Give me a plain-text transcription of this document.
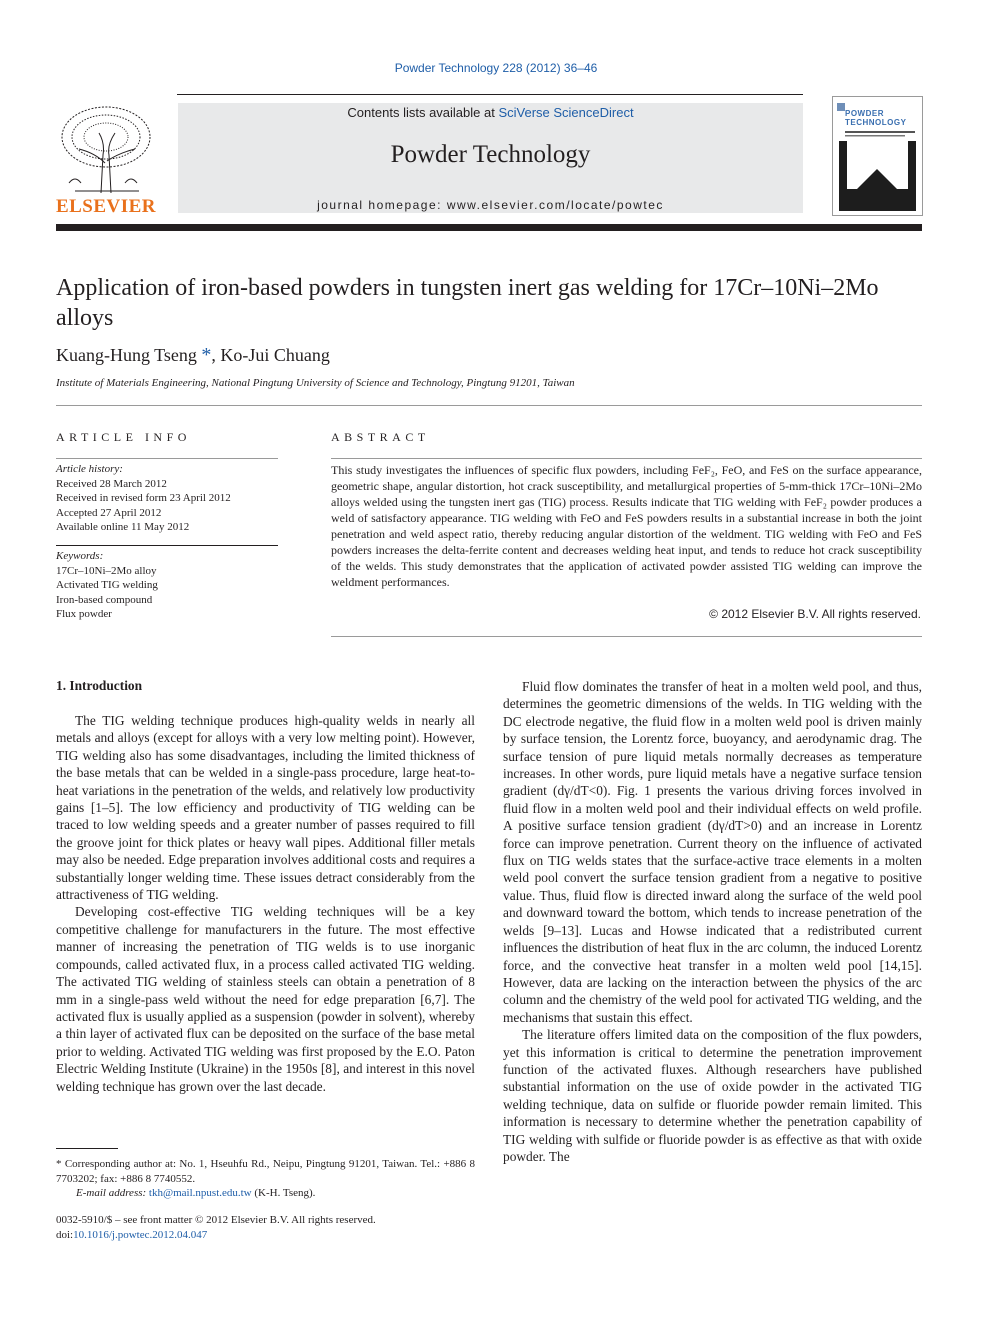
Powder Technology 228 (2012) 36–46
ELSEVIER
Contents lists available at SciVerse ScienceDirect
Powder Technology
journal homepage: www.elsevier.com/locate/powtec
POWDER TECHNOLOGY
Application of iron-based powders in tungsten inert gas welding for 17Cr–10Ni–2Mo alloys
Kuang-Hung Tseng *, Ko-Jui Chuang
Institute of Materials Engineering, National Pingtung University of Science and Technology, Pingtung 91201, Taiwan
ARTICLE INFO
Article history:
Received 28 March 2012
Received in revised form 23 April 2012
Accepted 27 April 2012
Available online 11 May 2012
Keywords:
17Cr–10Ni–2Mo alloy
Activated TIG welding
Iron-based compound
Flux powder
ABSTRACT
This study investigates the influences of specific flux powders, including FeF₂, FeO, and FeS on the surface appearance, geometric shape, angular distortion, hot crack susceptibility, and metallurgical properties of 5-mm-thick 17Cr–10Ni–2Mo alloys welded using the tungsten inert gas (TIG) process. Results indicate that TIG welding with FeF₂ powder produces a weld of satisfactory appearance. TIG welding with FeO and FeS powders results in a substantial increase in both the joint penetration and weld aspect ratio, thereby reducing angular distortion of the weldment. TIG welding with FeO and FeS powders increases the delta-ferrite content and decreases welding heat input, and tends to reduce hot crack susceptibility of the welds. This study demonstrates that the application of activated powder assisted TIG welding can improve the weldment performances.
© 2012 Elsevier B.V. All rights reserved.
1. Introduction

The TIG welding technique produces high-quality welds in nearly all metals and alloys (except for alloys with a very low melting point). However, TIG welding also has some disadvantages, including the limited thickness of the base metals that can be welded in a single-pass procedure, large heat-to-heat variations in the penetration of the welds, and relatively low productivity gains [1–5]. The low efficiency and productivity of TIG welding can be traced to low welding speeds and a greater number of passes required to fill the groove joint for thick plates or heavy wall pipes. Additional filler metals may also be needed. Edge preparation involves additional costs and requires a substantially longer welding time. These issues detract considerably from the attractiveness of TIG welding.

Developing cost-effective TIG welding techniques will be a key competitive challenge for manufacturers in the future. The most effective manner of increasing the penetration of TIG welds is to use inorganic compounds, called activated flux, in a process called activated TIG welding. The activated TIG welding of stainless steels can obtain a penetration of 8 mm in a single-pass weld without the need for edge preparation [6,7]. The activated flux is usually applied as a suspension (powder in solvent), whereby a thin layer of activated flux can be deposited on the surface of the base metal prior to welding. Activated TIG welding was first proposed by the E.O. Paton Electric Welding Institute (Ukraine) in the 1950s [8], and interest in this novel welding technique has grown over the last decade.

Fluid flow dominates the transfer of heat in a molten weld pool, and thus, determines the geometric dimensions of the welds. In TIG welding with the DC electrode negative, the fluid flow in a molten weld pool is driven mainly by surface tension, the Lorentz force, buoyancy, and aerodynamic drag. The surface tension of pure liquid metals normally decreases as temperature increases. In other words, pure liquid metals have a negative surface tension gradient (dγ/dT<0). Fig. 1 presents the various driving forces involved in fluid flow in a molten weld pool and their individual effects on weld profile. A positive surface tension gradient (dγ/dT>0) and an increase in Lorentz force can improve penetration. Current theory on the influence of activated flux on TIG welds states that the surface-active trace elements in a molten weld pool convert the surface tension gradient from a negative to positive value. Thus, fluid flow is directed inward along the surface of the weld pool and downward toward the bottom, which tends to increase penetration of the welds [9–13]. Lucas and Howse indicated that a redistributed current influences the distribution of heat flux in the arc column, the induced Lorentz force, and the convective heat transfer in a molten weld pool [14,15]. However, data are lacking on the interaction between the physics of the arc column and the chemistry of the weld pool for activated TIG welding, and the mechanisms that sustain this effect.

The literature offers limited data on the composition of the flux powders, yet this information is critical to determine the penetration improvement function of the activated fluxes. Although researchers have published substantial information on the use of oxide powder in the activated TIG welding technique, data on sulfide or fluoride powder remain limited. This information is necessary to determine whether the penetration capability of TIG welding with sulfide or fluoride powder is as effective as that with oxide powder. The

* Corresponding author at: No. 1, Hseuhfu Rd., Neipu, Pingtung 91201, Taiwan. Tel.: +886 8 7703202; fax: +886 8 7740552.
E-mail address: tkh@mail.npust.edu.tw (K-H. Tseng).
0032-5910/$ – see front matter © 2012 Elsevier B.V. All rights reserved.
doi:10.1016/j.powtec.2012.04.047
